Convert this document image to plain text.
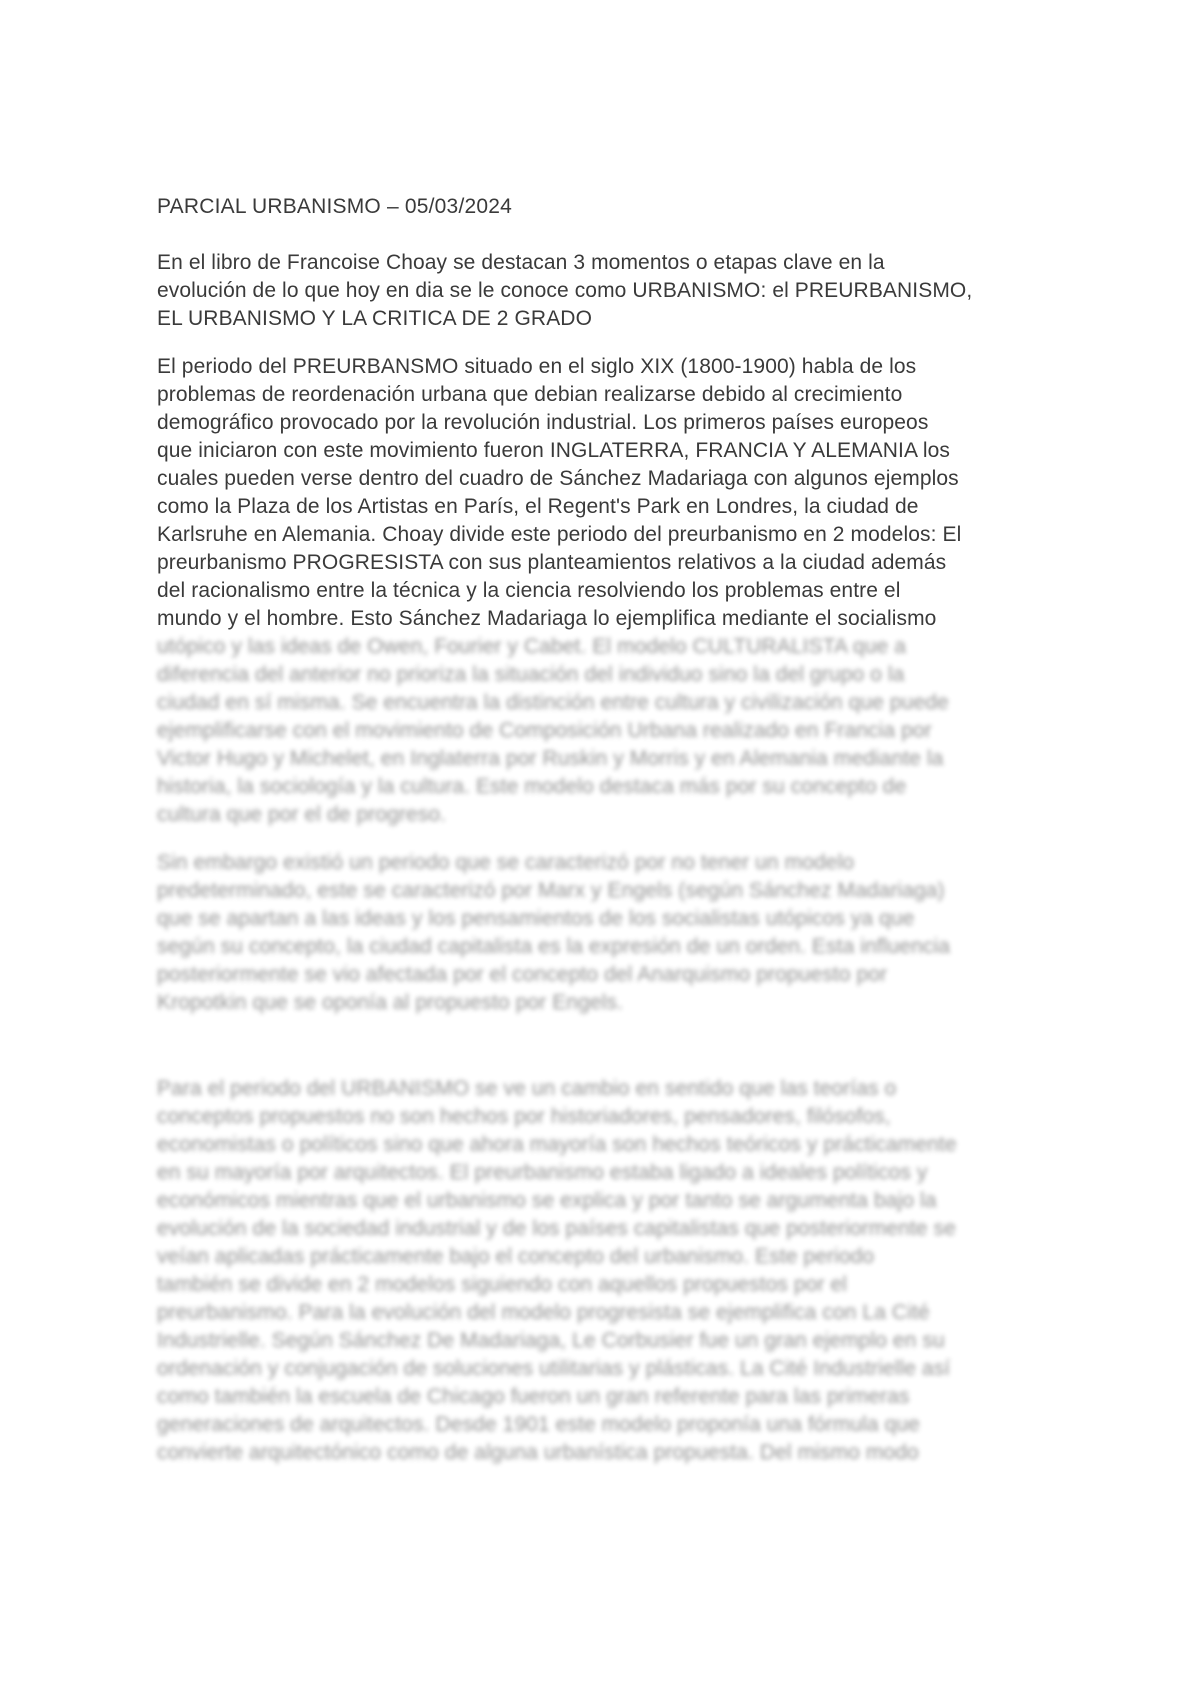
PARCIAL URBANISMO – 05/03/2024
En el libro de Francoise Choay se destacan 3 momentos o etapas clave en la
evolución de lo que hoy en dia se le conoce como URBANISMO: el PREURBANISMO,
EL URBANISMO Y LA CRITICA DE 2 GRADO
El periodo del PREURBANSMO situado en el siglo XIX (1800-1900) habla de los
problemas de reordenación urbana que debian realizarse debido al crecimiento
demográfico provocado por la revolución industrial. Los primeros países europeos
que iniciaron con este movimiento fueron INGLATERRA, FRANCIA Y ALEMANIA los
cuales pueden verse dentro del cuadro de Sánchez Madariaga con algunos ejemplos
como la Plaza de los Artistas en París, el Regent's Park en Londres, la ciudad de
Karlsruhe en Alemania. Choay divide este periodo del preurbanismo en 2 modelos: El
preurbanismo PROGRESISTA con sus planteamientos relativos a la ciudad además
del racionalismo entre la técnica y la ciencia resolviendo los problemas entre el
mundo y el hombre. Esto Sánchez Madariaga lo ejemplifica mediante el socialismo
utópico y las ideas de Owen, Fourier y Cabet. El modelo CULTURALISTA que a
diferencia del anterior no prioriza la situación del individuo sino la del grupo o la
ciudad en sí misma. Se encuentra la distinción entre cultura y civilización que puede
ejemplificarse con el movimiento de Composición Urbana realizado en Francia por
Victor Hugo y Michelet, en Inglaterra por Ruskin y Morris y en Alemania mediante la
historia, la sociología y la cultura. Este modelo destaca más por su concepto de
cultura que por el de progreso.
Sin embargo existió un periodo que se caracterizó por no tener un modelo
predeterminado, este se caracterizó por Marx y Engels (según Sánchez Madariaga)
que se apartan a las ideas y los pensamientos de los socialistas utópicos ya que
según su concepto, la ciudad capitalista es la expresión de un orden. Esta influencia
posteriormente se vio afectada por el concepto del Anarquismo propuesto por
Kropotkin que se oponía al propuesto por Engels.
Para el periodo del URBANISMO se ve un cambio en sentido que las teorías o
conceptos propuestos no son hechos por historiadores, pensadores, filósofos,
economistas o políticos sino que ahora mayoría son hechos teóricos y prácticamente
en su mayoría por arquitectos. El preurbanismo estaba ligado a ideales políticos y
económicos mientras que el urbanismo se explica y por tanto se argumenta bajo la
evolución de la sociedad industrial y de los países capitalistas que posteriormente se
veían aplicadas prácticamente bajo el concepto del urbanismo. Este periodo
también se divide en 2 modelos siguiendo con aquellos propuestos por el
preurbanismo. Para la evolución del modelo progresista se ejemplifica con La Cité
Industrielle. Según Sánchez De Madariaga, Le Corbusier fue un gran ejemplo en su
ordenación y conjugación de soluciones utilitarias y plásticas. La Cité Industrielle así
como también la escuela de Chicago fueron un gran referente para las primeras
generaciones de arquitectos. Desde 1901 este modelo proponía una fórmula que
convierte arquitectónico como de alguna urbanística propuesta. Del mismo modo
